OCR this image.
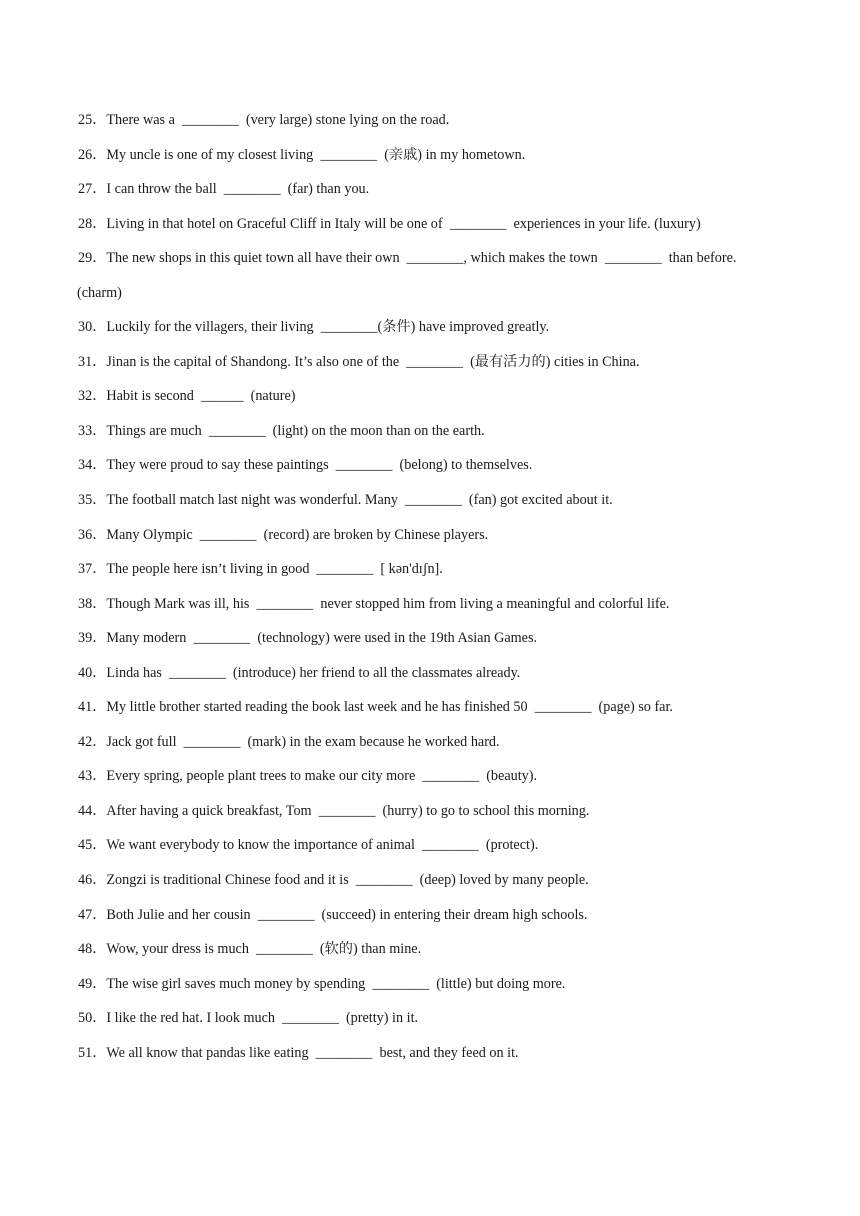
25．There was a  ________  (very large) stone lying on the road.
26．My uncle is one of my closest living  ________  (亲戚) in my hometown.
27．I can throw the ball  ________  (far) than you.
28．Living in that hotel on Graceful Cliff in Italy will be one of  ________  experiences in your life. (luxury)
29．The new shops in this quiet town all have their own  ________, which makes the town  ________  than before.
(charm)
30．Luckily for the villagers, their living  ________(条件) have improved greatly.
31．Jinan is the capital of Shandong. It’s also one of the  ________  (最有活力的) cities in China.
32．Habit is second  ______  (nature)
33．Things are much  ________  (light) on the moon than on the earth.
34．They were proud to say these paintings  ________  (belong) to themselves.
35．The football match last night was wonderful. Many  ________  (fan) got excited about it.
36．Many Olympic  ________  (record) are broken by Chinese players.
37．The people here isn’t living in good  ________  [ kən'dɪʃn].
38．Though Mark was ill, his  ________  never stopped him from living a meaningful and colorful life.
39．Many modern  ________  (technology) were used in the 19th Asian Games.
40．Linda has  ________  (introduce) her friend to all the classmates already.
41．My little brother started reading the book last week and he has finished 50  ________  (page) so far.
42．Jack got full  ________  (mark) in the exam because he worked hard.
43．Every spring, people plant trees to make our city more  ________  (beauty).
44．After having a quick breakfast, Tom  ________  (hurry) to go to school this morning.
45．We want everybody to know the importance of animal  ________  (protect).
46．Zongzi is traditional Chinese food and it is  ________  (deep) loved by many people.
47．Both Julie and her cousin  ________  (succeed) in entering their dream high schools.
48．Wow, your dress is much  ________  (软的) than mine.
49．The wise girl saves much money by spending  ________  (little) but doing more.
50．I like the red hat. I look much  ________  (pretty) in it.
51．We all know that pandas like eating  ________  best, and they feed on it.
